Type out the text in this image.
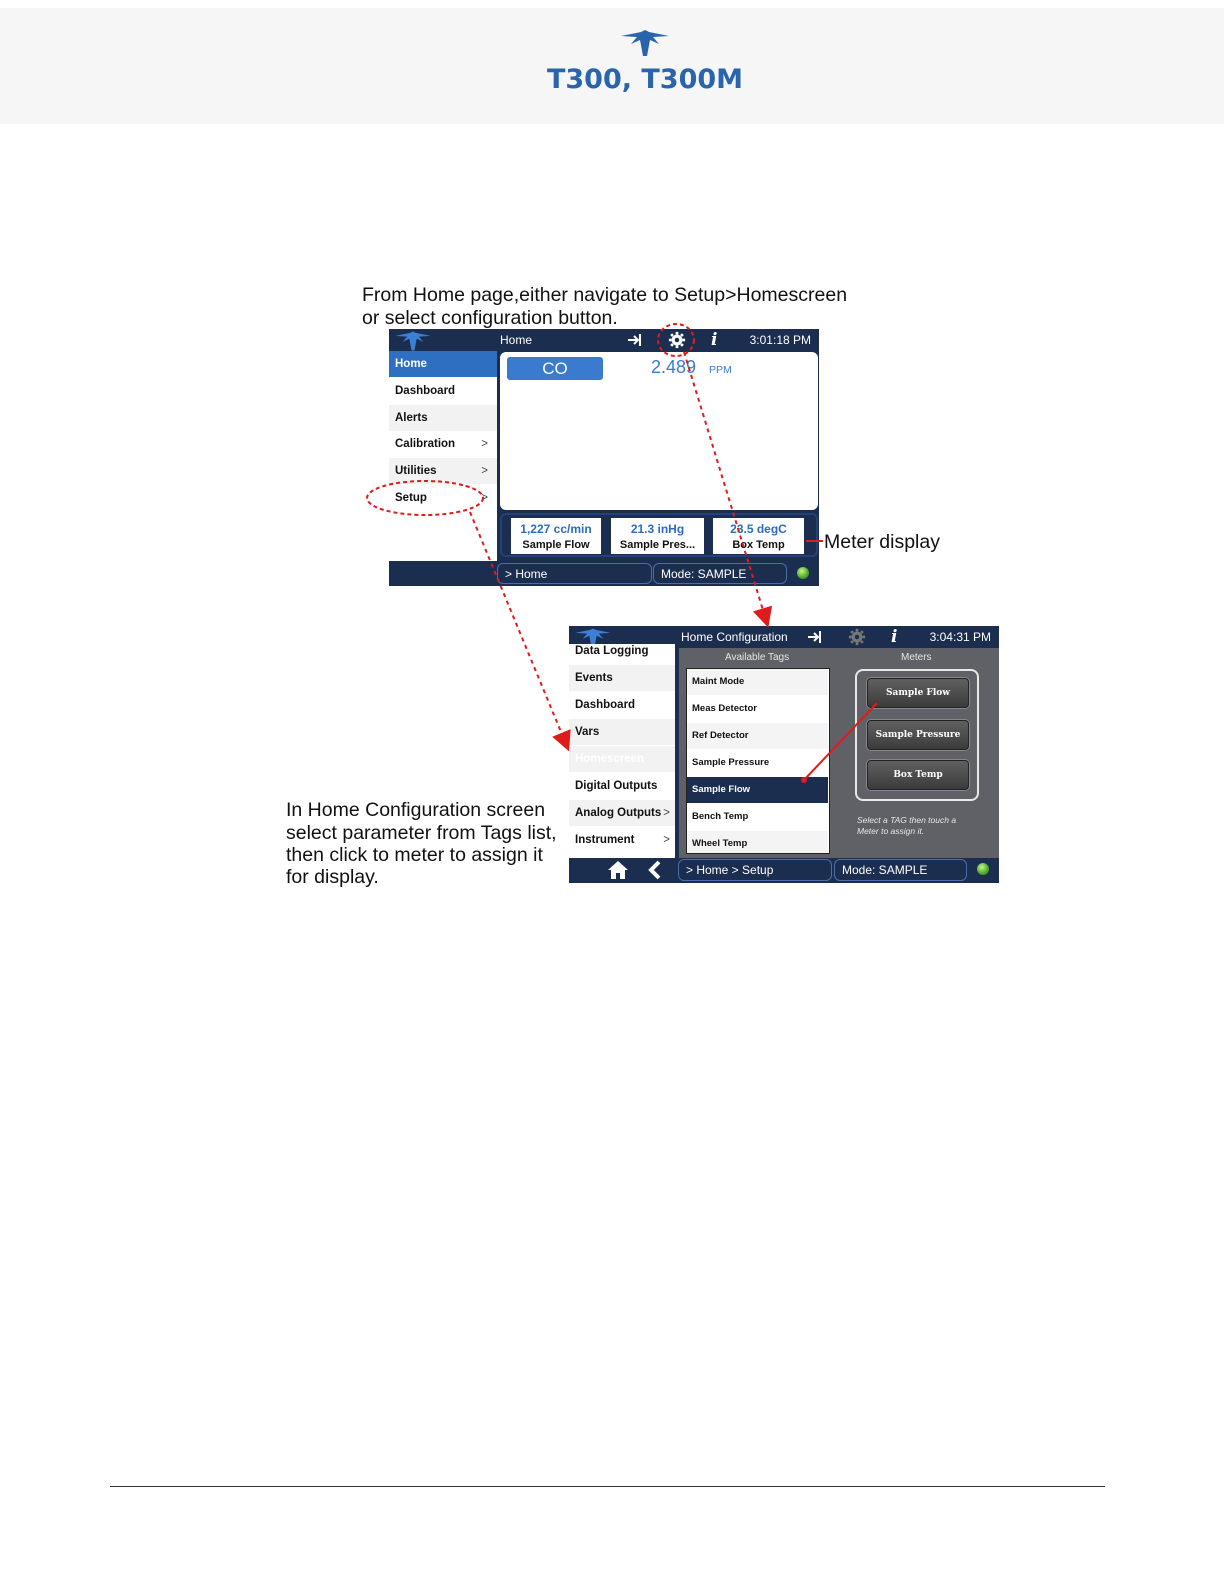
T300, T300M
From Home page,either navigate to Setup>Homescreen
or select configuration button.
Home	i	3:01:18 PM
Home
Dashboard
Alerts
Calibration >
Utilities	>
Setup	>
CO	2.489 PPM
1,227 cc/min
Sample Flow
21.3 inHg
Sample Pres...
23.5 degC
Box Temp
> Home	Mode: SAMPLE
Meter display
Home Configuration	i	3:04:31 PM
Data Logging
Events
Dashboard
Vars
Homescreen
Digital Outputs
Analog Outputs >
Instrument	>
Available Tags	Meters
Maint Mode
Meas Detector
Ref Detector
Sample Pressure
Sample Flow
Bench Temp
Wheel Temp
Sample Flow
Sample Pressure
Box Temp
Select a TAG then touch a
Meter to assign it.
> Home > Setup	Mode: SAMPLE
In Home Configuration screen
select parameter from Tags list,
then click to meter to assign it
for display.
